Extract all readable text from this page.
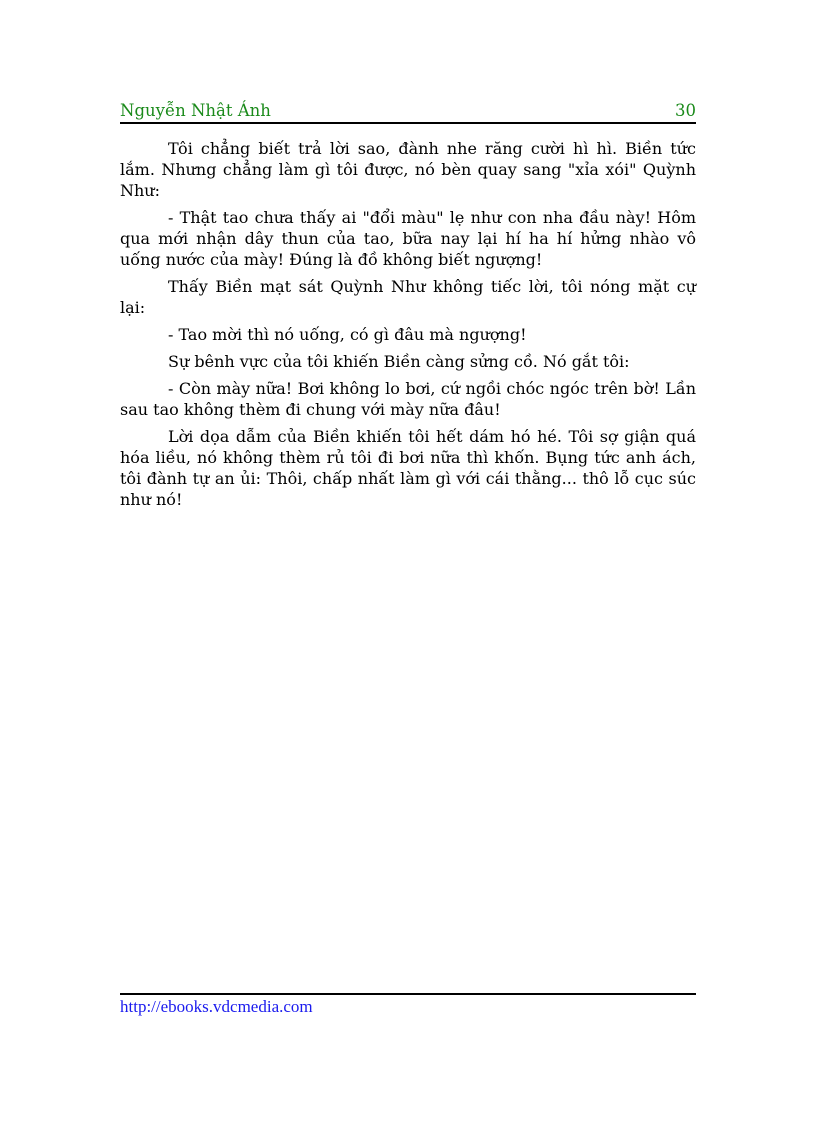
Nguyễn Nhật Ánh	30

Tôi chẳng biết trả lời sao, đành nhe răng cười hì hì. Biền tức lắm. Nhưng chẳng làm gì tôi được, nó bèn quay sang "xỉa xói" Quỳnh Như:

- Thật tao chưa thấy ai "đổi màu" lẹ như con nha đầu này! Hôm qua mới nhận dây thun của tao, bữa nay lại hí ha hí hửng nhào vô uống nước của mày! Đúng là đồ không biết ngượng!

Thấy Biền mạt sát Quỳnh Như không tiếc lời, tôi nóng mặt cự lại:

- Tao mời thì nó uống, có gì đâu mà ngượng!

Sự bênh vực của tôi khiến Biền càng sửng cồ. Nó gắt tôi:

- Còn mày nữa! Bơi không lo bơi, cứ ngồi chóc ngóc trên bờ! Lần sau tao không thèm đi chung với mày nữa đâu!

Lời dọa dẫm của Biền khiến tôi hết dám hó hé. Tôi sợ giận quá hóa liều, nó không thèm rủ tôi đi bơi nữa thì khốn. Bụng tức anh ách, tôi đành tự an ủi: Thôi, chấp nhất làm gì với cái thằng... thô lỗ cục súc như nó!

http://ebooks.vdcmedia.com
